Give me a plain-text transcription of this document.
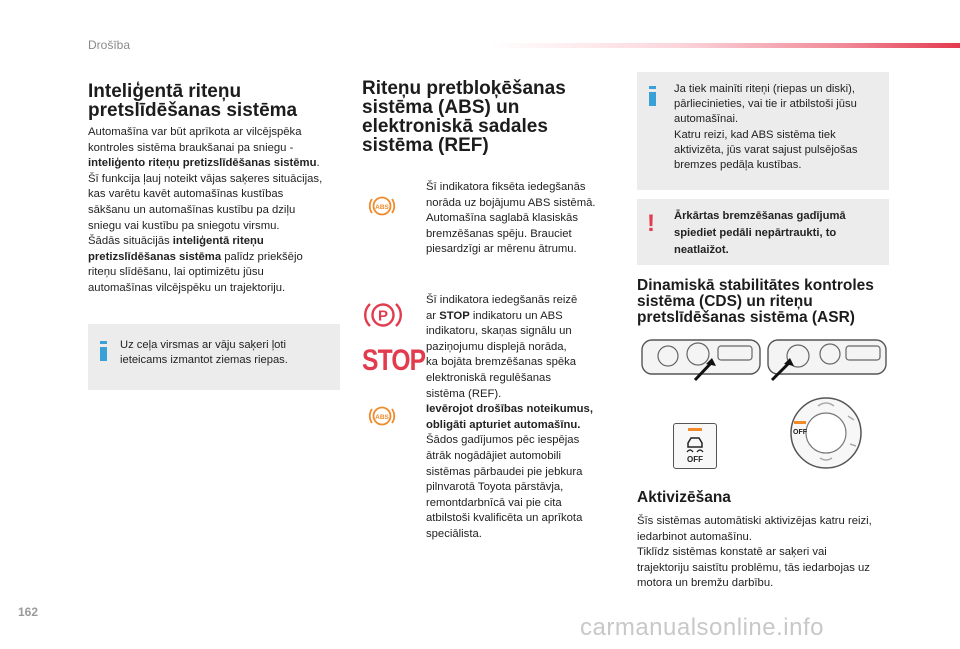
Drošība
Inteliģentā riteņu
pretslīdēšanas sistēma

Automašīna var būt aprīkota ar vilcējspēka

kontroles sistēma braukšanai pa sniegu -

inteliģento riteņu pretizslīdēšanas sistēmu.

Šī funkcija ļauj noteikt vājas saķeres situācijas,

kas varētu kavēt automašīnas kustības

sākšanu un automašīnas kustību pa dziļu

sniegu vai kustību pa sniegotu virsmu.

Šādās situācijās inteliģentā riteņu

pretizslīdēšanas sistēma palīdz priekšējo

riteņu slīdēšanu, lai optimizētu jūsu

automašīnas vilcējspēku un trajektoriju.

Uz ceļa virsmas ar vāju saķeri ļoti
ieteicams izmantot ziemas riepas.
Riteņu pretbloķēšanas
sistēma (ABS) un
elektroniskā sadales
sistēma (REF)
ABS

Šī indikatora fiksēta iedegšanās

norāda uz bojājumu ABS sistēmā.

Automašīna saglabā klasiskās

bremzēšanas spēju. Brauciet

piesardzīgi ar mērenu ātrumu.

P
STOP
ABS

Šī indikatora iedegšanās reizē

ar STOP indikatoru un ABS

indikatoru, skaņas signālu un

paziņojumu displejā norāda,

ka bojāta bremzēšanas spēka

elektroniskā regulēšanas

sistēma (REF).

Ievērojot drošības noteikumus,

obligāti apturiet automašīnu.

Šādos gadījumos pēc iespējas

ātrāk nogādājiet automobili

sistēmas pārbaudei pie jebkura

pilnvarotā Toyota pārstāvja,

remontdarbnīcā vai pie cita

atbilstoši kvalificēta un aprīkota

speciālista.

Ja tiek mainīti riteņi (riepas un diski),
pārliecinieties, vai tie ir atbilstoši jūsu
automašīnai.
Katru reizi, kad ABS sistēma tiek
aktivizēta, jūs varat sajust pulsējošas
bremzes pedāļa kustības.
! Ārkārtas bremzēšanas gadījumā
spiediet pedāli nepārtraukti, to
neatlaižot.
Dinamiskā stabilitātes kontroles
sistēma (CDS) un riteņu
pretslīdēšanas sistēma (ASR)
OFF
OFF
Aktivizēšana

Šīs sistēmas automātiski aktivizējas katru reizi,

iedarbinot automašīnu.

Tiklīdz sistēmas konstatē ar saķeri vai

trajektoriju saistītu problēmu, tās iedarbojas uz

motora un bremžu darbību.

162
carmanualsonline.info
